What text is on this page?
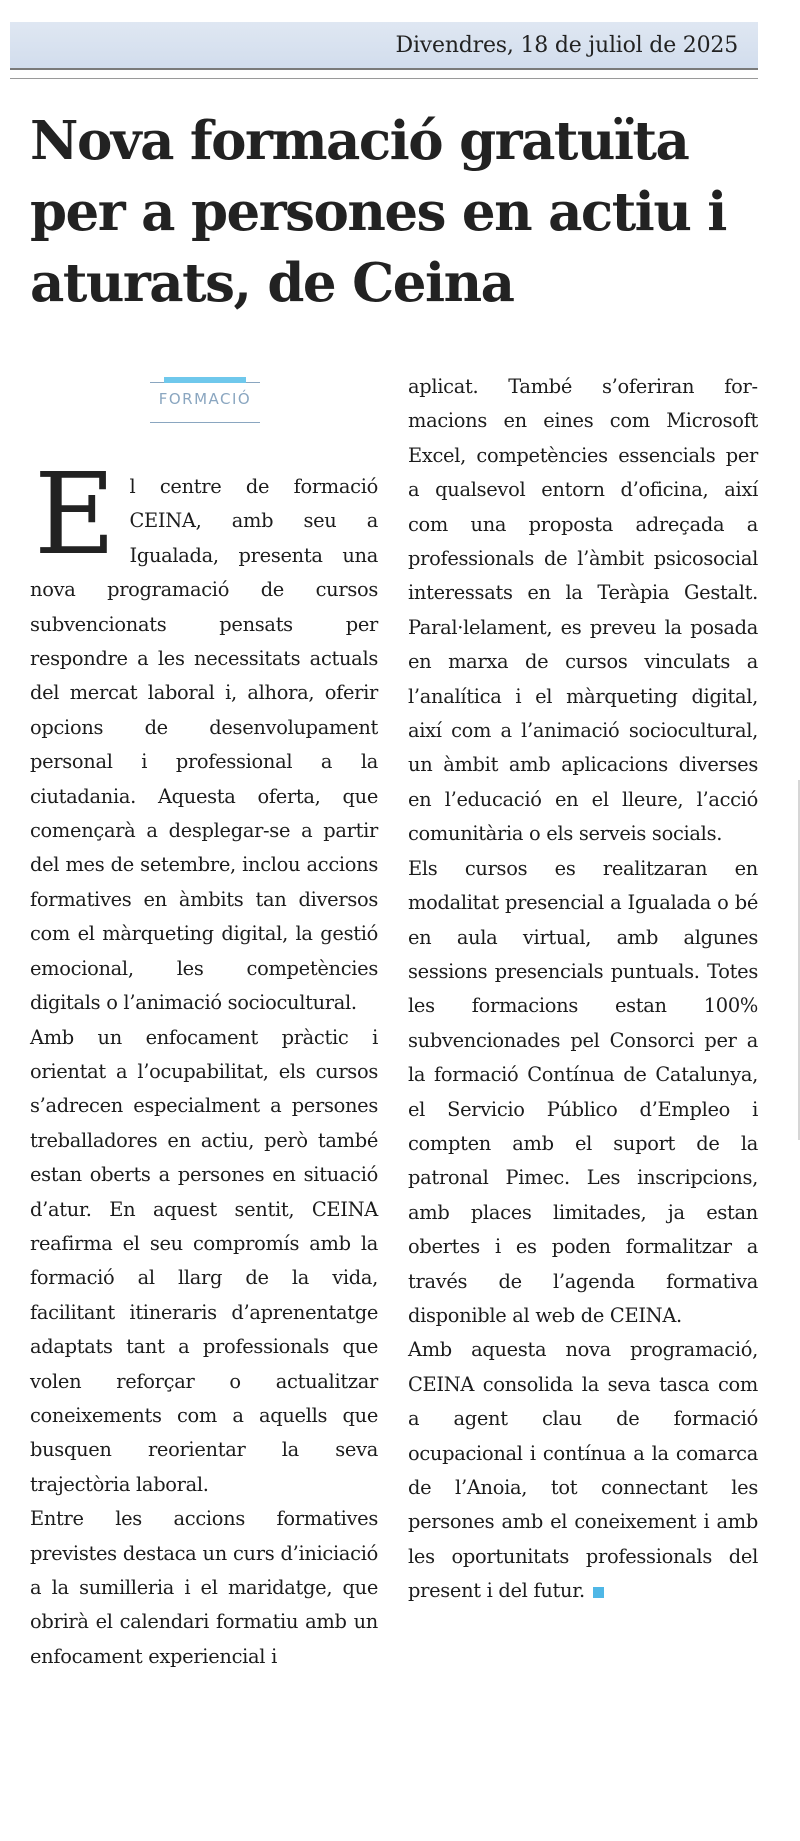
Divendres, 18 de juliol de 2025
Nova formació gratuïta per a persones en actiu i aturats, de Ceina
FORMACIÓ

El centre de formació CEINA, amb seu a Igualada, presenta una nova programació de cursos subvencionats pensats per respondre a les necessitats actuals del mercat laboral i, alhora, oferir opcions de desenvolupament personal i professional a la ciutadania. Aquesta oferta, que començarà a desplegar-se a partir del mes de setembre, inclou accions formatives en àmbits tan diversos com el màrqueting digital, la gestió emocional, les competències digitals o l’animació sociocultural.

Amb un enfocament pràctic i orientat a l’ocupabilitat, els cursos s’adrecen especialment a persones treballadores en actiu, però també estan oberts a persones en situació d’atur. En aquest sentit, CEINA reafirma el seu compromís amb la formació al llarg de la vida, facilitant itineraris d’aprenentatge adaptats tant a professionals que volen reforçar o actualitzar coneixements com a aquells que busquen reorientar la seva trajectòria laboral.

Entre les accions formatives previstes destaca un curs d’iniciació a la sumilleria i el maridatge, que obrirà el calendari formatiu amb un enfocament experiencial i

aplicat. També s’oferiran formacions en eines com Microsoft Excel, competències essencials per a qualsevol entorn d’oficina, així com una proposta adreçada a professionals de l’àmbit psicosocial interessats en la Teràpia Gestalt. Paral·lelament, es preveu la posada en marxa de cursos vinculats a l’analítica i el màrqueting digital, així com a l’animació sociocultural, un àmbit amb aplicacions diverses en l’educació en el lleure, l’acció comunitària o els serveis socials.

Els cursos es realitzaran en modalitat presencial a Igualada o bé en aula virtual, amb algunes sessions presencials puntuals. Totes les formacions estan 100% subvencionades pel Consorci per a la formació Contínua de Catalunya, el Servicio Público d’Empleo i compten amb el suport de la patronal Pimec. Les inscripcions, amb places limitades, ja estan obertes i es poden formalitzar a través de l’agenda formativa disponible al web de CEINA.

Amb aquesta nova programació, CEINA consolida la seva tasca com a agent clau de formació ocupacional i contínua a la comarca de l’Anoia, tot connectant les persones amb el coneixement i amb les oportunitats professionals del present i del futur.
